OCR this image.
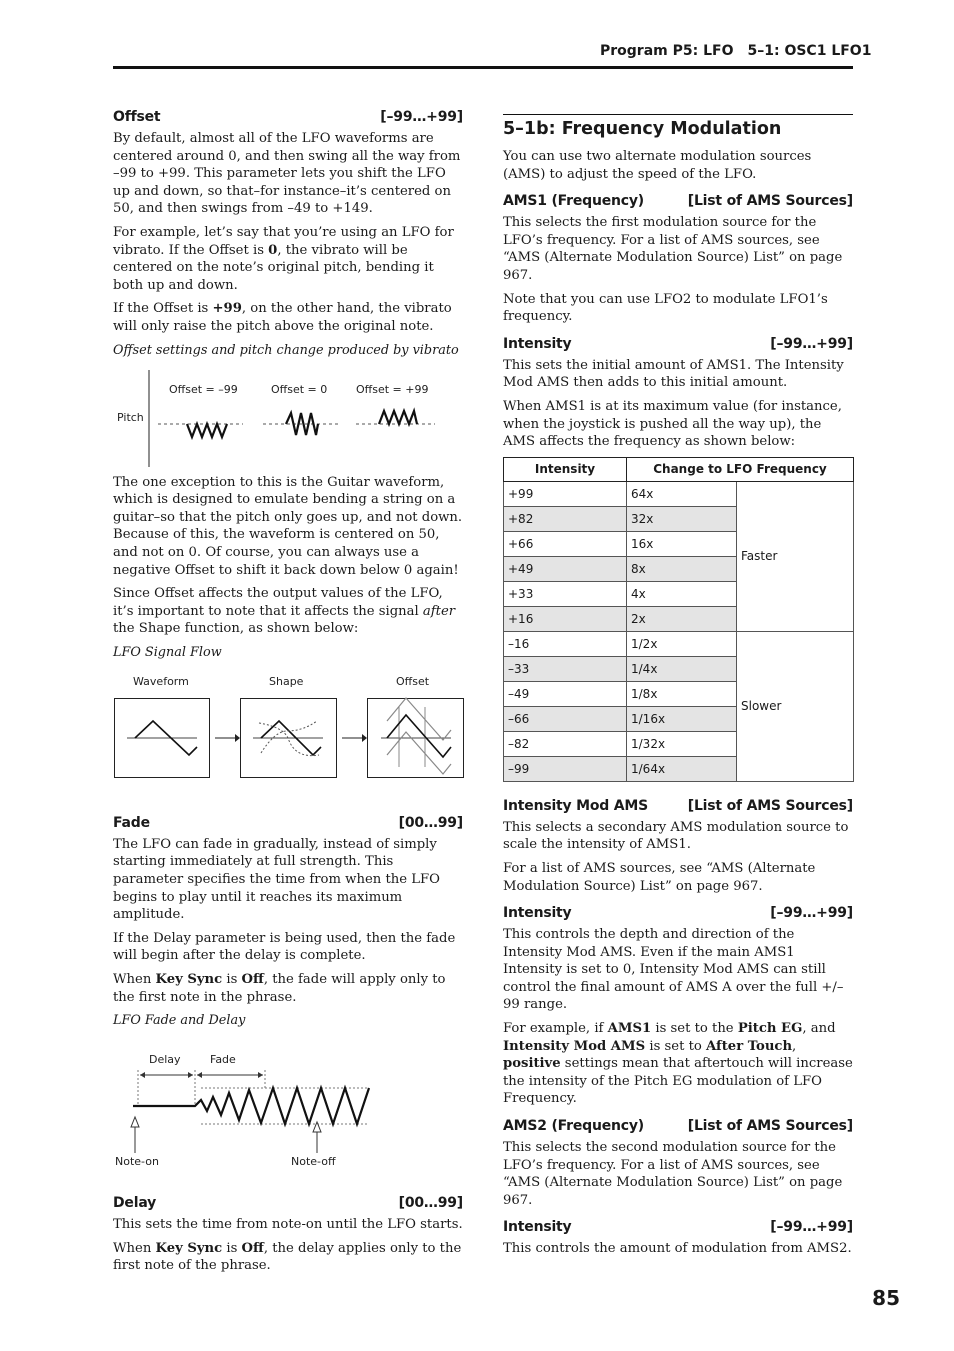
Program P5: LFO 5–1: OSC1 LFO1
Offset	[–99…+99]

By default, almost all of the LFO waveforms are centered around 0, and then swing all the way from –99 to +99. This parameter lets you shift the LFO up and down, so that–for instance–it’s centered on 50, and then swings from –49 to +149.

For example, let’s say that you’re using an LFO for vibrato. If the Offset is 0, the vibrato will be centered on the note’s original pitch, bending it both up and down.

If the Offset is +99, on the other hand, the vibrato will only raise the pitch above the original note.

Offset settings and pitch change produced by vibrato
Offset = –99	Offset = 0	Offset = +99
Pitch

The one exception to this is the Guitar waveform, which is designed to emulate bending a string on a guitar–so that the pitch only goes up, and not down. Because of this, the waveform is centered on 50, and not on 0. Of course, you can always use a negative Offset to shift it back down below 0 again!

Since Offset affects the output values of the LFO, it’s important to note that it affects the signal after the Shape function, as shown below:

LFO Signal Flow
Waveform	Shape	Offset
Fade	[00…99]

The LFO can fade in gradually, instead of simply starting immediately at full strength. This parameter specifies the time from when the LFO begins to play until it reaches its maximum amplitude.

If the Delay parameter is being used, then the fade will begin after the delay is complete.

When Key Sync is Off, the fade will apply only to the first note in the phrase.

LFO Fade and Delay
Delay	Fade
Note-on	Note-off
Delay	[00…99]

This sets the time from note-on until the LFO starts.

When Key Sync is Off, the delay applies only to the first note of the phrase.

5–1b: Frequency Modulation

You can use two alternate modulation sources (AMS) to adjust the speed of the LFO.

AMS1 (Frequency)	[List of AMS Sources]

This selects the first modulation source for the LFO’s frequency. For a list of AMS sources, see “AMS (Alternate Modulation Source) List” on page 967.

Note that you can use LFO2 to modulate LFO1’s frequency.

Intensity	[–99…+99]

This sets the initial amount of AMS1. The Intensity Mod AMS then adds to this initial amount.

When AMS1 is at its maximum value (for instance, when the joystick is pushed all the way up), the AMS affects the frequency as shown below:

Intensity	Change to LFO Frequency	
+99	64x	Faster
+82	32x	
+66	16x	
+49	8x	
+33	4x	
+16	2x	
–16	1/2x	Slower
–33	1/4x	
–49	1/8x	
–66	1/16x	
–82	1/32x	
–99	1/64x	
Intensity Mod AMS	[List of AMS Sources]

This selects a secondary AMS modulation source to scale the intensity of AMS1.

For a list of AMS sources, see “AMS (Alternate Modulation Source) List” on page 967.

Intensity	[–99…+99]

This controls the depth and direction of the Intensity Mod AMS. Even if the main AMS1 Intensity is set to 0, Intensity Mod AMS can still control the final amount of AMS A over the full +/–99 range.

For example, if AMS1 is set to the Pitch EG, and Intensity Mod AMS is set to After Touch, positive settings mean that aftertouch will increase the intensity of the Pitch EG modulation of LFO Frequency.

AMS2 (Frequency)	[List of AMS Sources]

This selects the second modulation source for the LFO’s frequency. For a list of AMS sources, see “AMS (Alternate Modulation Source) List” on page 967.

Intensity	[–99…+99]

This controls the amount of modulation from AMS2.

85
